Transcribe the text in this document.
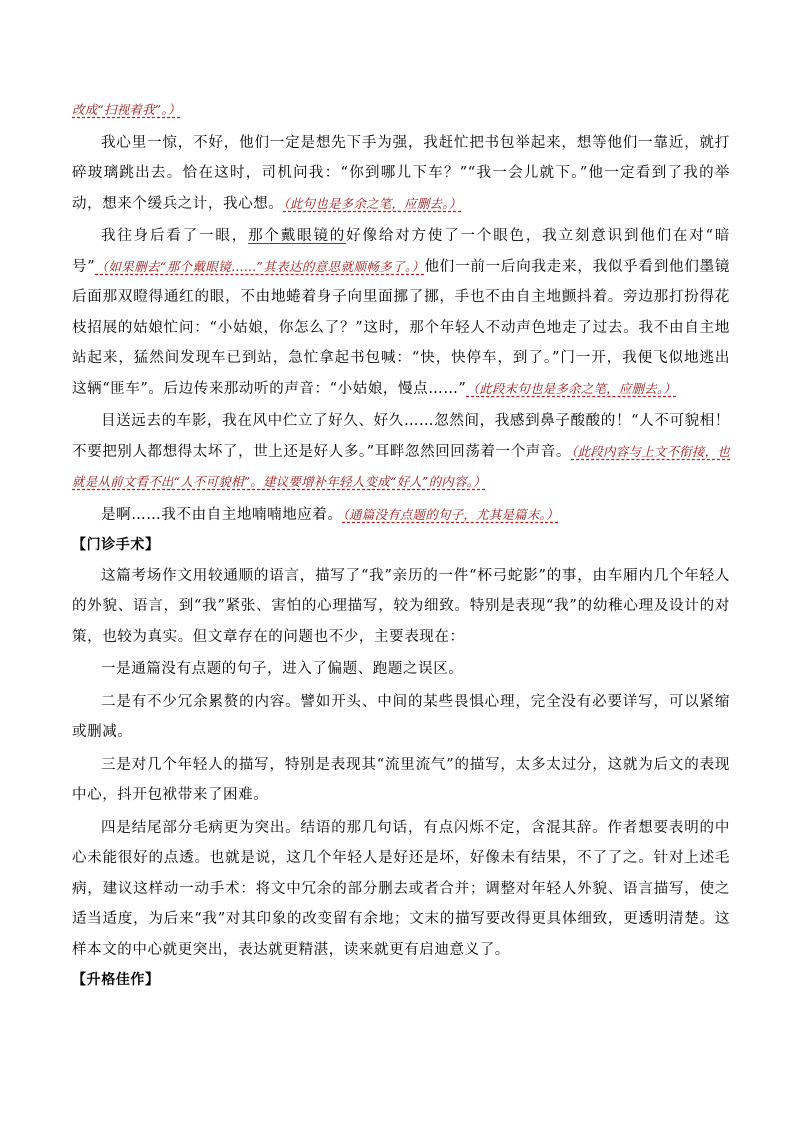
改成“扫视着我”。）

我心里一惊，不好，他们一定是想先下手为强，我赶忙把书包举起来，想等他们一靠近，就打碎玻璃跳出去。恰在这时，司机问我：“你到哪儿下车？”“我一会儿就下。”他一定看到了我的举动，想来个缓兵之计，我心想。（此句也是多余之笔，应删去。）

我往身后看了一眼，那个戴眼镜的好像给对方使了一个眼色，我立刻意识到他们在对“暗号”（如果删去“那个戴眼镜……”其表达的意思就顺畅多了。）他们一前一后向我走来，我似乎看到他们墨镜后面那双瞪得通红的眼，不由地蜷着身子向里面挪了挪，手也不由自主地颤抖着。旁边那打扮得花枝招展的姑娘忙问：“小姑娘，你怎么了？”这时，那个年轻人不动声色地走了过去。我不由自主地站起来，猛然间发现车已到站，急忙拿起书包喊：“快，快停车，到了。”门一开，我便飞似地逃出这辆“匪车”。后边传来那动听的声音：“小姑娘，慢点……”（此段末句也是多余之笔，应删去。）

目送远去的车影，我在风中伫立了好久、好久……忽然间，我感到鼻子酸酸的！“人不可貌相！不要把别人都想得太坏了，世上还是好人多。”耳畔忽然回回荡着一个声音。（此段内容与上文不衔接，也就是从前文看不出“人不可貌相”。建议要增补年轻人变成“好人”的内容。）

是啊……我不由自主地喃喃地应着。（通篇没有点题的句子，尤其是篇末。）

【门诊手术】

这篇考场作文用较通顺的语言，描写了“我”亲历的一件“杯弓蛇影”的事，由车厢内几个年轻人的外貌、语言，到“我”紧张、害怕的心理描写，较为细致。特别是表现“我”的幼稚心理及设计的对策，也较为真实。但文章存在的问题也不少，主要表现在：

一是通篇没有点题的句子，进入了偏题、跑题之误区。

二是有不少冗余累赘的内容。譬如开头、中间的某些畏惧心理，完全没有必要详写，可以紧缩或删减。

三是对几个年轻人的描写，特别是表现其“流里流气”的描写，太多太过分，这就为后文的表现中心，抖开包袱带来了困难。

四是结尾部分毛病更为突出。结语的那几句话，有点闪烁不定，含混其辞。作者想要表明的中心未能很好的点透。也就是说，这几个年轻人是好还是坏，好像未有结果，不了了之。针对上述毛病，建议这样动一动手术：将文中冗余的部分删去或者合并；调整对年轻人外貌、语言描写，使之适当适度，为后来“我”对其印象的改变留有余地；文末的描写要改得更具体细致，更透明清楚。这样本文的中心就更突出，表达就更精湛，读来就更有启迪意义了。

【升格佳作】
